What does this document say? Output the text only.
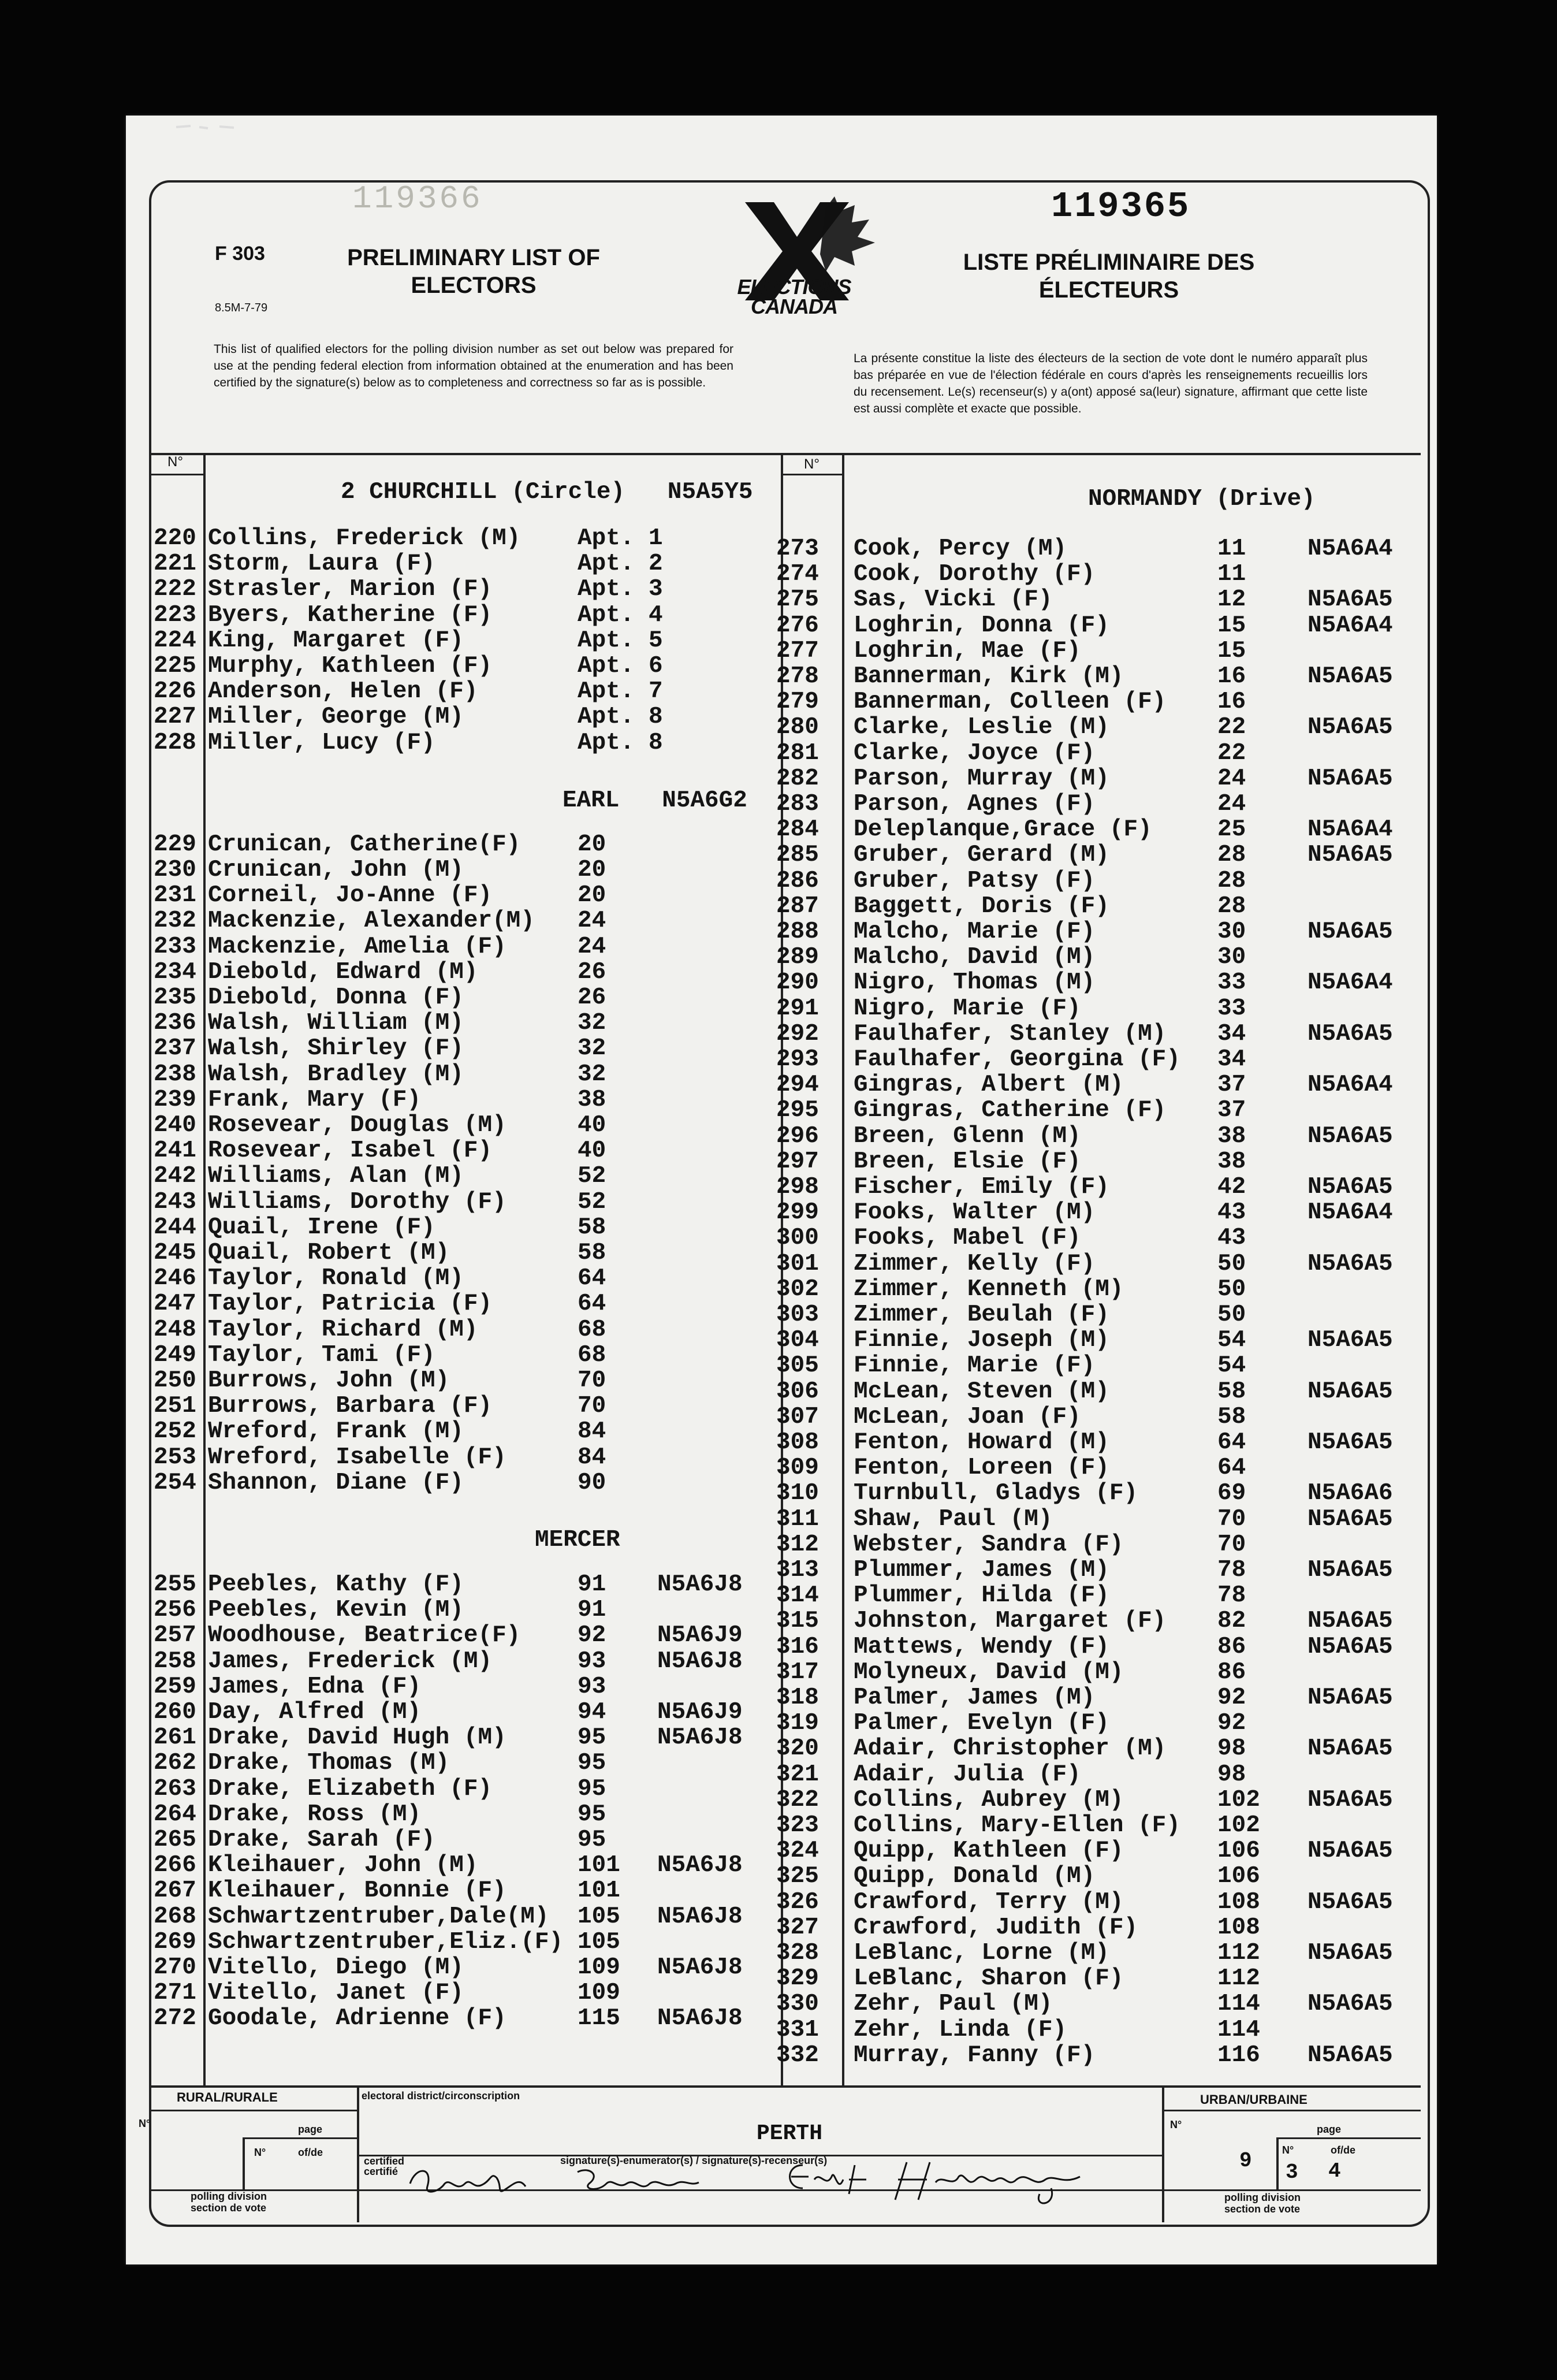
119366	119365
F 303
8.5M-7-79
PRELIMINARY LIST OF ELECTORS
LISTE PRÉLIMINAIRE DES ÉLECTEURS
ELECTIONS
CANADA
This list of qualified electors for the polling division number as set out below was prepared for use at the pending federal election from information obtained at the enumeration and has been certified by the signature(s) below as to completeness and correctness so far as is possible.
La présente constitue la liste des électeurs de la section de vote dont le numéro apparaît plus bas préparée en vue de l'élection fédérale en cours d'après les renseignements recueillis lors du recensement. Le(s) recenseur(s) y a(ont) apposé sa(leur) signature, affirmant que cette liste est aussi complète et exacte que possible.
N°	N°
2 CHURCHILL (Circle) N5A5Y5
EARL N5A6G2
MERCER
NORMANDY (Drive)
220 Collins, Frederick (M) Apt. 1
221 Storm, Laura (F)	Apt. 2
222 Strasler, Marion (F)	Apt. 3
223 Byers, Katherine (F)	Apt. 4
224 King, Margaret (F)	Apt. 5
225 Murphy, Kathleen (F)	Apt. 6
226 Anderson, Helen (F)	Apt. 7
227 Miller, George (M)	Apt. 8
228 Miller, Lucy (F)	Apt. 8
229 Crunican, Catherine(F) 20
230 Crunican, John (M)	20
231 Corneil, Jo-Anne (F)	20
232 Mackenzie, Alexander(M) 24
233 Mackenzie, Amelia (F)	24
234 Diebold, Edward (M)	26
235 Diebold, Donna (F)	26
236 Walsh, William (M)	32
237 Walsh, Shirley (F)	32
238 Walsh, Bradley (M)	32
239 Frank, Mary (F)	38
240 Rosevear, Douglas (M)	40
241 Rosevear, Isabel (F)	40
242 Williams, Alan (M)	52
243 Williams, Dorothy (F)	52
244 Quail, Irene (F)	58
245 Quail, Robert (M)	58
246 Taylor, Ronald (M)	64
247 Taylor, Patricia (F)	64
248 Taylor, Richard (M)	68
249 Taylor, Tami (F)	68
250 Burrows, John (M)	70
251 Burrows, Barbara (F)	70
252 Wreford, Frank (M)	84
253 Wreford, Isabelle (F)	84
254 Shannon, Diane (F)	90
255 Peebles, Kathy (F)	91 N5A6J8
256 Peebles, Kevin (M)	91
257 Woodhouse, Beatrice(F) 92 N5A6J9
258 James, Frederick (M)	93 N5A6J8
259 James, Edna (F)	93
260 Day, Alfred (M)	94 N5A6J9
261 Drake, David Hugh (M)	95 N5A6J8
262 Drake, Thomas (M)	95
263 Drake, Elizabeth (F)	95
264 Drake, Ross (M)	95
265 Drake, Sarah (F)	95
266 Kleihauer, John (M)	101 N5A6J8
267 Kleihauer, Bonnie (F)	101
268 Schwartzentruber,Dale(M) 105 N5A6J8
269 Schwartzentruber,Eliz.(F) 105
270 Vitello, Diego (M)	109 N5A6J8
271 Vitello, Janet (F)	109
272 Goodale, Adrienne (F)	115 N5A6J8
273 Cook, Percy (M)	11	N5A6A4
274 Cook, Dorothy (F)	11
275 Sas, Vicki (F)	12	N5A6A5
276 Loghrin, Donna (F)	15	N5A6A4
277 Loghrin, Mae (F)	15
278 Bannerman, Kirk (M)	16	N5A6A5
279 Bannerman, Colleen (F) 16
280 Clarke, Leslie (M)	22	N5A6A5
281 Clarke, Joyce (F)	22
282 Parson, Murray (M)	24	N5A6A5
283 Parson, Agnes (F)	24
284 Deleplanque,Grace (F)	25	N5A6A4
285 Gruber, Gerard (M)	28	N5A6A5
286 Gruber, Patsy (F)	28
287 Baggett, Doris (F)	28
288 Malcho, Marie (F)	30	N5A6A5
289 Malcho, David (M)	30
290 Nigro, Thomas (M)	33	N5A6A4
291 Nigro, Marie (F)	33
292 Faulhafer, Stanley (M) 34	N5A6A5
293 Faulhafer, Georgina (F) 34
294 Gingras, Albert (M)	37	N5A6A4
295 Gingras, Catherine (F) 37
296 Breen, Glenn (M)	38	N5A6A5
297 Breen, Elsie (F)	38
298 Fischer, Emily (F)	42	N5A6A5
299 Fooks, Walter (M)	43	N5A6A4
300 Fooks, Mabel (F)	43
301 Zimmer, Kelly (F)	50	N5A6A5
302 Zimmer, Kenneth (M)	50
303 Zimmer, Beulah (F)	50
304 Finnie, Joseph (M)	54	N5A6A5
305 Finnie, Marie (F)	54
306 McLean, Steven (M)	58	N5A6A5
307 McLean, Joan (F)	58
308 Fenton, Howard (M)	64	N5A6A5
309 Fenton, Loreen (F)	64
310 Turnbull, Gladys (F)	69	N5A6A6
311 Shaw, Paul (M)	70	N5A6A5
312 Webster, Sandra (F)	70
313 Plummer, James (M)	78	N5A6A5
314 Plummer, Hilda (F)	78
315 Johnston, Margaret (F) 82	N5A6A5
316 Mattews, Wendy (F)	86	N5A6A5
317 Molyneux, David (M)	86
318 Palmer, James (M)	92	N5A6A5
319 Palmer, Evelyn (F)	92
320 Adair, Christopher (M) 98	N5A6A5
321 Adair, Julia (F)	98
322 Collins, Aubrey (M)	102 N5A6A5
323 Collins, Mary-Ellen (F) 102
324 Quipp, Kathleen (F)	106 N5A6A5
325 Quipp, Donald (M)	106
326 Crawford, Terry (M)	108 N5A6A5
327 Crawford, Judith (F)	108
328 LeBlanc, Lorne (M)	112 N5A6A5
329 LeBlanc, Sharon (F)	112
330 Zehr, Paul (M)	114 N5A6A5
331 Zehr, Linda (F)	114
332 Murray, Fanny (F)	116 N5A6A5
RURAL/RURALE	URBAN/URBAINE
N°	N°
page	page
N°	of/de	N°	of/de
electoral district/circonscription
PERTH
certified certifié
signature(s)-enumerator(s) / signature(s)-recenseur(s)
polling division
section de vote
polling division
section de vote
9 3 4
